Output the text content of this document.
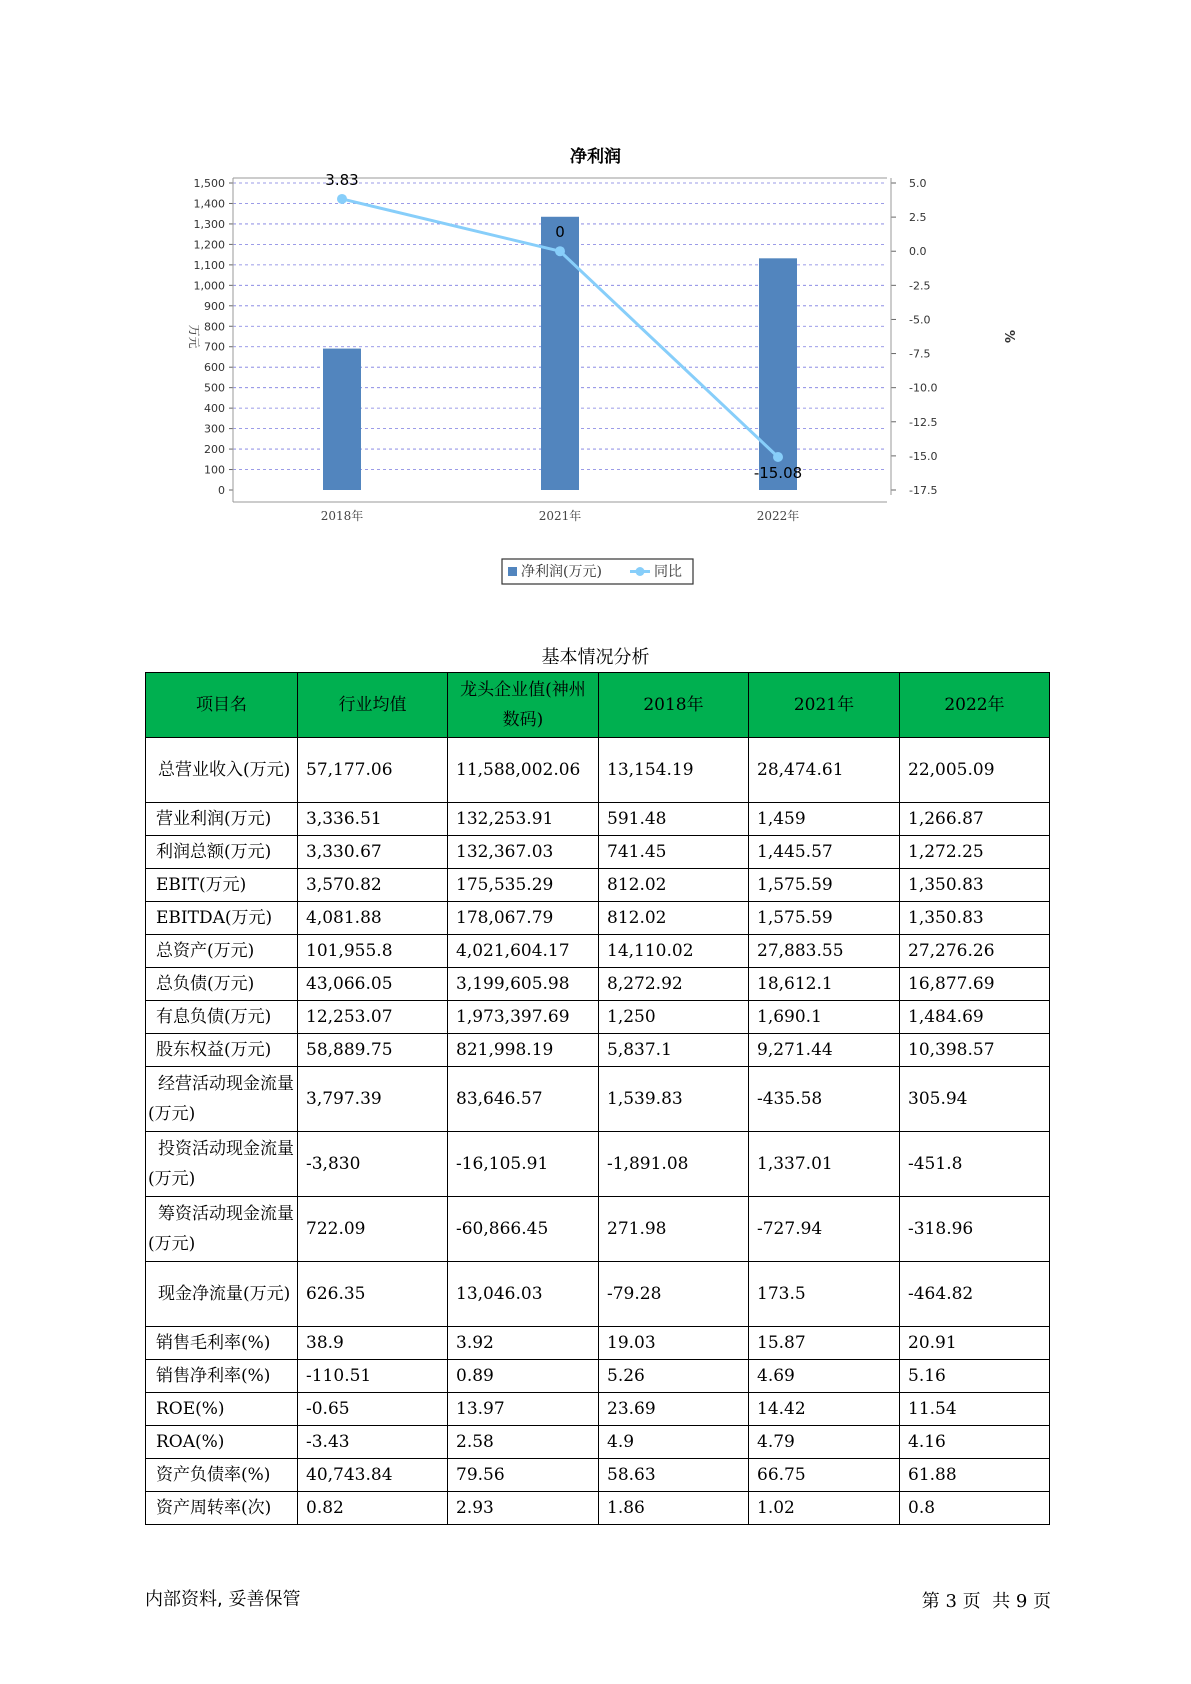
净利润
0
100
200
300
400
500
600
700
800
900
1,000
1,100
1,200
1,300
1,400
1,500	5.0
2.5
0.0
-2.5
-5.0
-7.5
-10.0
-12.5
-15.0
-17.5
2018年	2021年	2022年
万元	%
3.83
0
-15.08
净利润(万元)	同比
基本情况分析
项目名	行业均值	龙头企业值(神州数码)	2018年	2021年	2022年
总营业收入(万元)	57,177.06	11,588,002.06	13,154.19	28,474.61	22,005.09
营业利润(万元)	3,336.51	132,253.91	591.48	1,459	1,266.87
利润总额(万元)	3,330.67	132,367.03	741.45	1,445.57	1,272.25
EBIT(万元)	3,570.82	175,535.29	812.02	1,575.59	1,350.83
EBITDA(万元)	4,081.88	178,067.79	812.02	1,575.59	1,350.83
总资产(万元)	101,955.8	4,021,604.17	14,110.02	27,883.55	27,276.26
总负债(万元)	43,066.05	3,199,605.98	8,272.92	18,612.1	16,877.69
有息负债(万元)	12,253.07	1,973,397.69	1,250	1,690.1	1,484.69
股东权益(万元)	58,889.75	821,998.19	5,837.1	9,271.44	10,398.57
经营活动现金流量(万元)	3,797.39	83,646.57	1,539.83	-435.58	305.94
投资活动现金流量(万元)	-3,830	-16,105.91	-1,891.08	1,337.01	-451.8
筹资活动现金流量(万元)	722.09	-60,866.45	271.98	-727.94	-318.96
现金净流量(万元)	626.35	13,046.03	-79.28	173.5	-464.82
销售毛利率(%)	38.9	3.92	19.03	15.87	20.91
销售净利率(%)	-110.51	0.89	5.26	4.69	5.16
ROE(%)	-0.65	13.97	23.69	14.42	11.54
ROA(%)	-3.43	2.58	4.9	4.79	4.16
资产负债率(%)	40,743.84	79.56	58.63	66.75	61.88
资产周转率(次)	0.82	2.93	1.86	1.02	0.8
内部资料, 妥善保管	第 3 页  共 9 页
